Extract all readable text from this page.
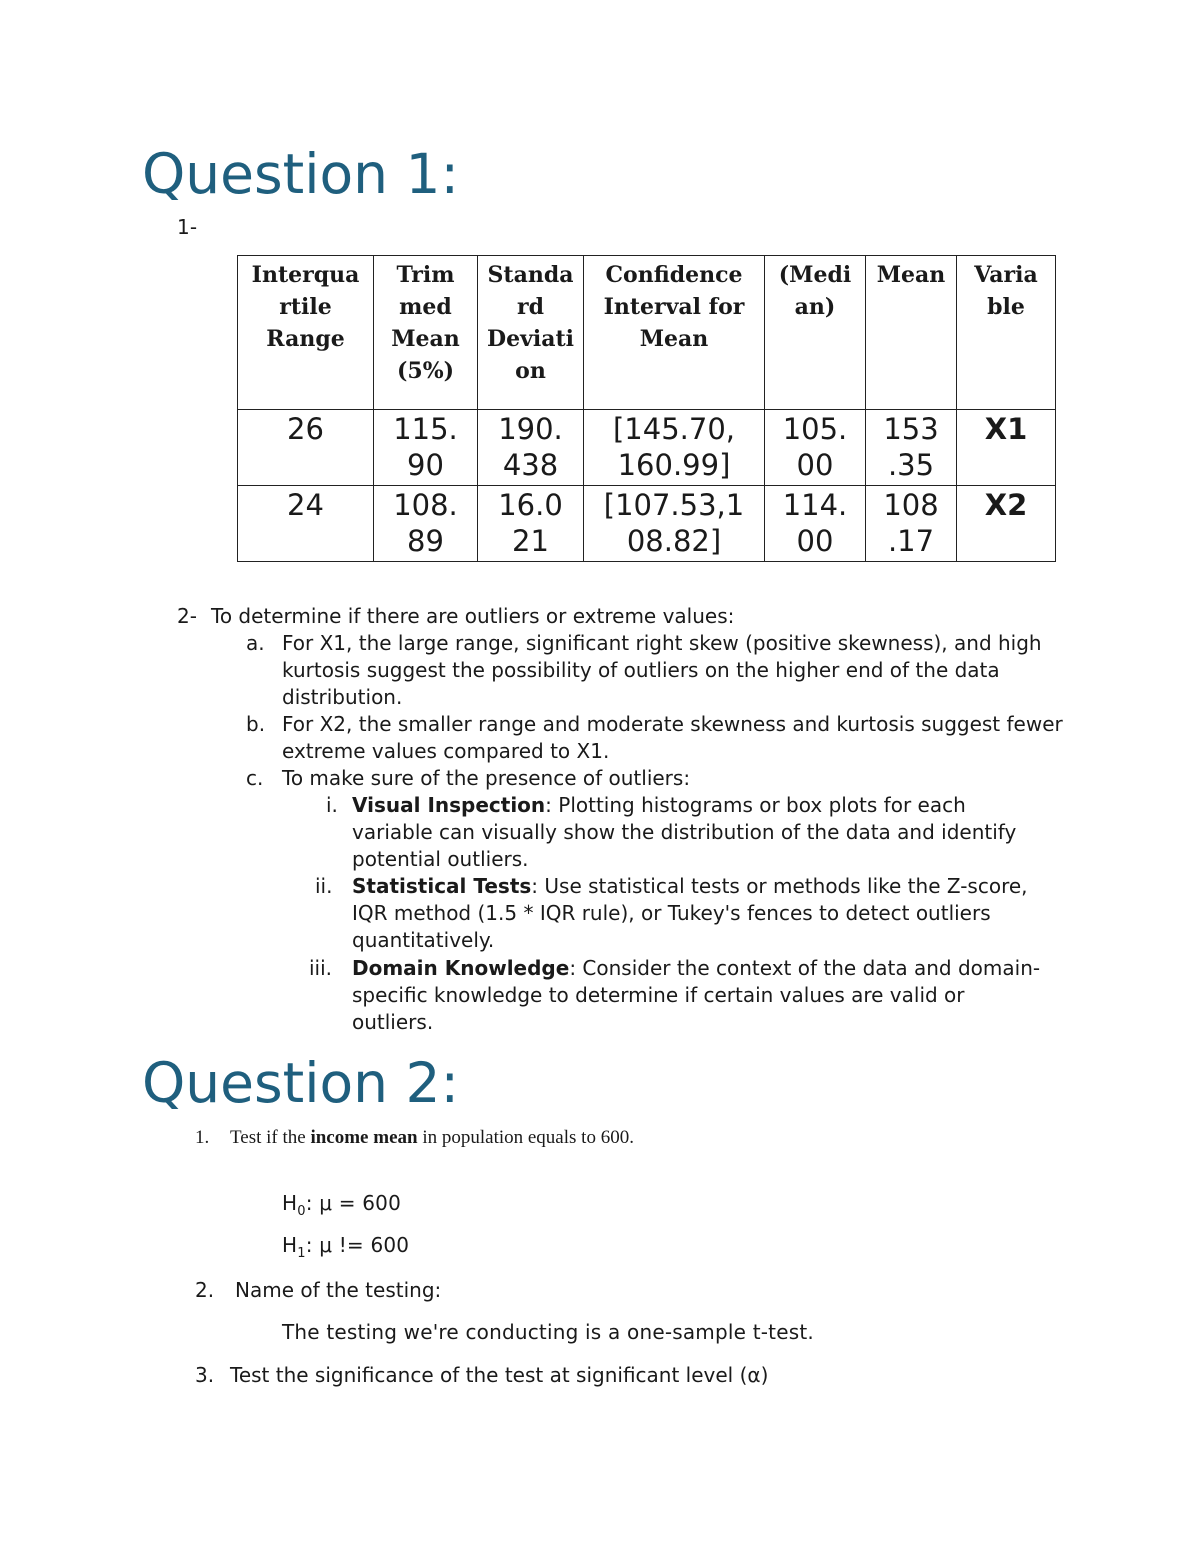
Question 1:
1-
Interqua rtile Range	Trim med Mean (5%)	Standa rd Deviati on	Confidence Interval for Mean	(Medi an)	Mean	Varia ble
26	115. 90	190. 438	[145.70, 160.99]	105. 00	153 .35	X1
24	108. 89	16.0 21	[107.53,1 08.82]	114. 00	108 .17	X2
2- To determine if there are outliers or extreme values:
a. For X1, the large range, significant right skew (positive skewness), and high kurtosis suggest the possibility of outliers on the higher end of the data distribution.
b. For X2, the smaller range and moderate skewness and kurtosis suggest fewer extreme values compared to X1.
c. To make sure of the presence of outliers:
i. Visual Inspection: Plotting histograms or box plots for each variable can visually show the distribution of the data and identify potential outliers.
ii. Statistical Tests: Use statistical tests or methods like the Z-score, IQR method (1.5 * IQR rule), or Tukey's fences to detect outliers quantitatively.
iii. Domain Knowledge: Consider the context of the data and domain-specific knowledge to determine if certain values are valid or outliers.
Question 2:
1. Test if the income mean in population equals to 600.
$H_0$: μ = 600
$H_1$: μ != 600
2. Name of the testing:
The testing we're conducting is a one-sample t-test.
3. Test the significance of the test at significant level (α)
